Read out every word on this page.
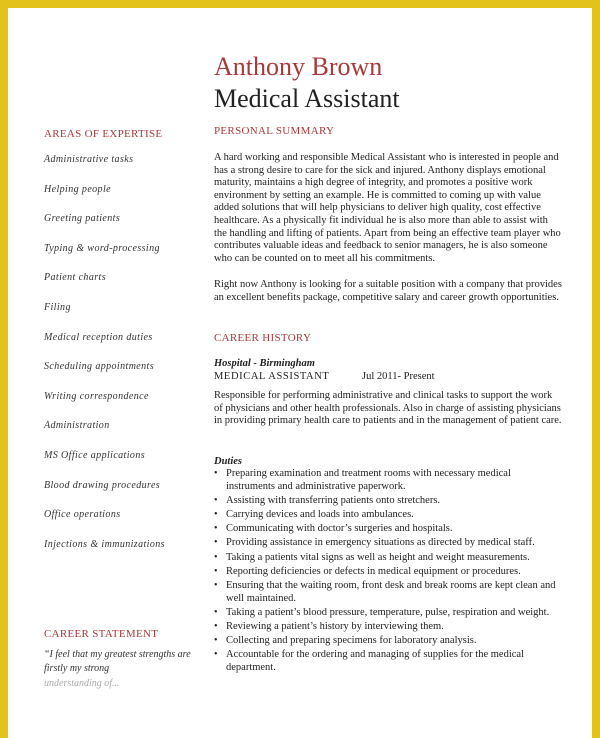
Anthony Brown
Medical Assistant
AREAS OF EXPERTISE
Administrative tasks
Helping people
Greeting patients
Typing & word-processing
Patient charts
Filing
Medical reception duties
Scheduling appointments
Writing correspondence
Administration
MS Office applications
Blood drawing procedures
Office operations
Injections & immunizations
CAREER STATEMENT
“I feel that my greatest strengths are firstly my strong
understanding of...
PERSONAL SUMMARY

A hard working and responsible Medical Assistant who is interested in people and has a strong desire to care for the sick and injured. Anthony displays emotional maturity, maintains a high degree of integrity, and promotes a positive work environment by setting an example. He is committed to coming up with value added solutions that will help physicians to deliver high quality, cost effective healthcare. As a physically fit individual he is also more than able to assist with the handling and lifting of patients. Apart from being an effective team player who contributes valuable ideas and feedback to senior managers, he is also someone who can be counted on to meet all his commitments.

Right now Anthony is looking for a suitable position with a company that provides an excellent benefits package, competitive salary and career growth opportunities.

CAREER HISTORY
Hospital - Birmingham
MEDICAL ASSISTANT	Jul 2011- Present

Responsible for performing administrative and clinical tasks to support the work of physicians and other health professionals. Also in charge of assisting physicians in providing primary health care to patients and in the management of patient care.

Duties
• Preparing examination and treatment rooms with necessary medical instruments and administrative paperwork.
• Assisting with transferring patients onto stretchers.
• Carrying devices and loads into ambulances.
• Communicating with doctor’s surgeries and hospitals.
• Providing assistance in emergency situations as directed by medical staff.
• Taking a patients vital signs as well as height and weight measurements.
• Reporting deficiencies or defects in medical equipment or procedures.
• Ensuring that the waiting room, front desk and break rooms are kept clean and well maintained.
• Taking a patient’s blood pressure, temperature, pulse, respiration and weight.
• Reviewing a patient’s history by interviewing them.
• Collecting and preparing specimens for laboratory analysis.
• Accountable for the ordering and managing of supplies for the medical department.
